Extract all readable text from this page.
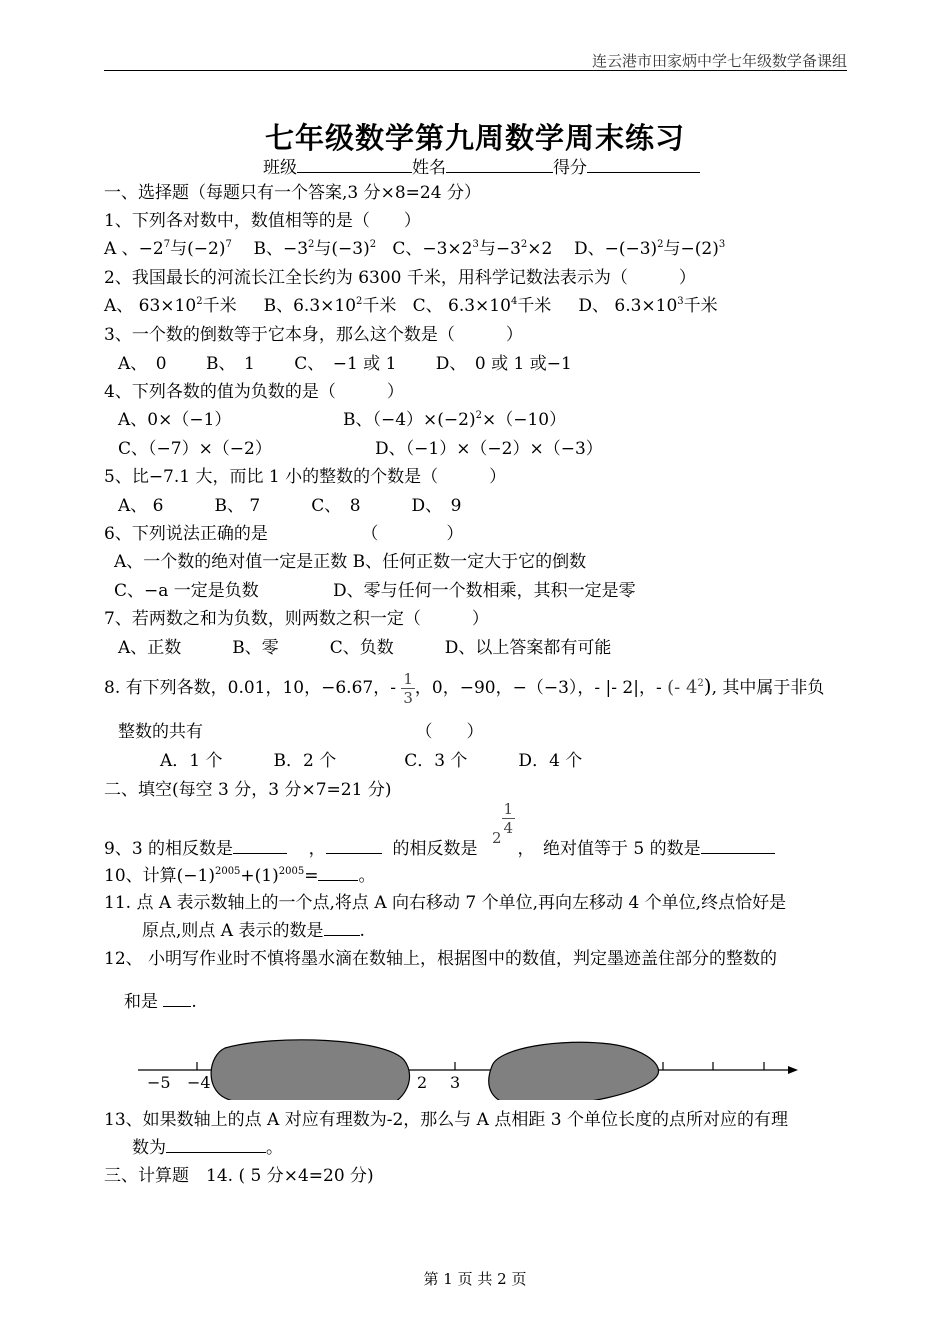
连云港市田家炳中学七年级数学备课组
七年级数学第九周数学周末练习
班级	姓名	得分
一、选择题（每题只有一个答案,3 分×8=24 分）
1、下列各对数中，数值相等的是（　　）
A 、$-2^7$与$(-2)^7$ B、$-3^2$与$(-3)^2$ C、$-3\times 2^3$与$-3^2\times 2$ D、$-(-3)^2$与$-(2)^3$
2、我国最长的河流长江全长约为 6300 千米，用科学记数法表示为（　　　）
A、 $63\times 10^2$千米 B、$6.3\times 10^2$千米 C、 $6.3\times 10^4$千米 D、 $6.3\times 10^3$千米
3、一个数的倒数等于它本身，那么这个数是（　　　）
A、　0　　 B、　1　　 C、　−1 或 1　　 D、　0 或 1 或−1
4、下列各数的值为负数的是（　　　）
A、0×（−1）	B、$(-4)\times(-2)^2\times(-10)$
C、（−7）×（−2）	D、（−1）×（−2）×（−3）
5、比−7.1 大，而比 1 小的整数的个数是（　　　）
A、 6　　　B、 7　　　C、　8　　　D、　9
6、下列说法正确的是　　　　　　（　　　　）
A、一个数的绝对值一定是正数 B、任何正数一定大于它的倒数
C、−a 一定是负数	D、零与任何一个数相乘，其积一定是零
7、若两数之和为负数，则两数之积一定（　　　）
A、正数　　　B、零　　　C、负数　　　D、以上答案都有可能
8. 有下列各数，0.01，10，−6.67，- $\frac{1}{3}$ ，0，−90，−（−3），- |- 2|，- (- $4^2$), 其中属于非负
整数的共有　　　　　　　　　　　　　（　　）
A．1 个　　　B．2 个　　　　C．3 个　　　D．4 个
二、填空(每空 3 分，3 分×7=21 分)
2
$\frac{1}{4}$
9、3 的相反数是	，	的相反数是 ，　绝对值等于 5 的数是
10、计算$(-1)^{2005}+(1)^{2005}=$ 。
11. 点 A 表示数轴上的一个点,将点 A 向右移动 7 个单位,再向左移动 4 个单位,终点恰好是
原点,则点 A 表示的数是 .
12、 小明写作业时不慎将墨水滴在数轴上，根据图中的数值，判定墨迹盖住部分的整数的
和是 .
−5 −4	2 3
13、如果数轴上的点 A 对应有理数为-2，那么与 A 点相距 3 个单位长度的点所对应的有理
数为	。
三、计算题　14. ( 5 分×4=20 分)
第 1 页 共 2 页
